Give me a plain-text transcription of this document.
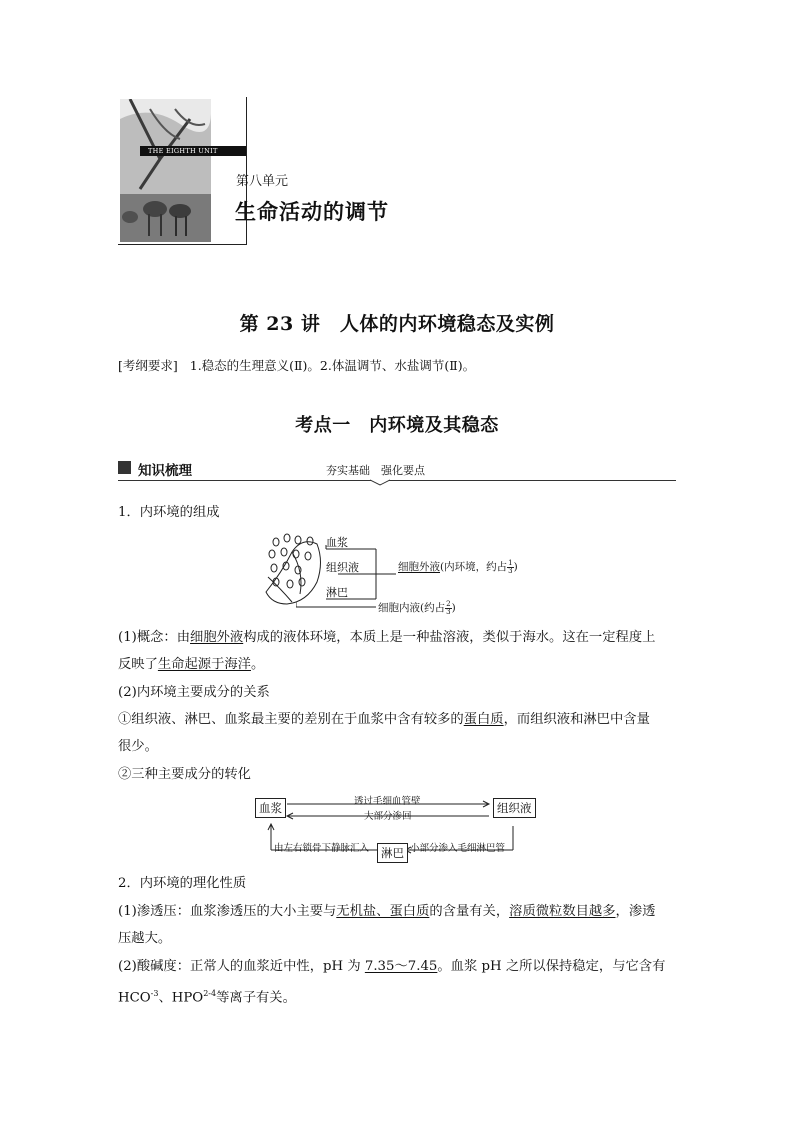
THE EIGHTH UNIT
第八单元
生命活动的调节
第 23 讲　人体的内环境稳态及实例
[考纲要求] 1.稳态的生理意义(Ⅱ)。2.体温调节、水盐调节(Ⅱ)。
考点一　内环境及其稳态
知识梳理	夯实基础　强化要点
1．内环境的组成
血浆
组织液
淋巴
细胞外液(内环境，约占 $\frac{1}{3}$ )
细胞内液(约占 $\frac{2}{3}$ )
(1)概念：由细胞外液构成的液体环境，本质上是一种盐溶液，类似于海水。这在一定程度上
反映了生命起源于海洋。
(2)内环境主要成分的关系
①组织液、淋巴、血浆最主要的差别在于血浆中含有较多的蛋白质，而组织液和淋巴中含量
很少。
②三种主要成分的转化
血浆	组织液
淋巴
透过毛细血管壁
大部分渗回
由左右锁骨下静脉汇入	小部分渗入毛细淋巴管
2．内环境的理化性质
(1)渗透压：血浆渗透压的大小主要与无机盐、蛋白质的含量有关，溶质微粒数目越多，渗透
压越大。
(2)酸碱度：正常人的血浆近中性，pH 为 7.35～7.45。血浆 pH 之所以保持稳定，与它含有
$HCO^{-3}$、HPO$^{2-4}$等离子有关。
